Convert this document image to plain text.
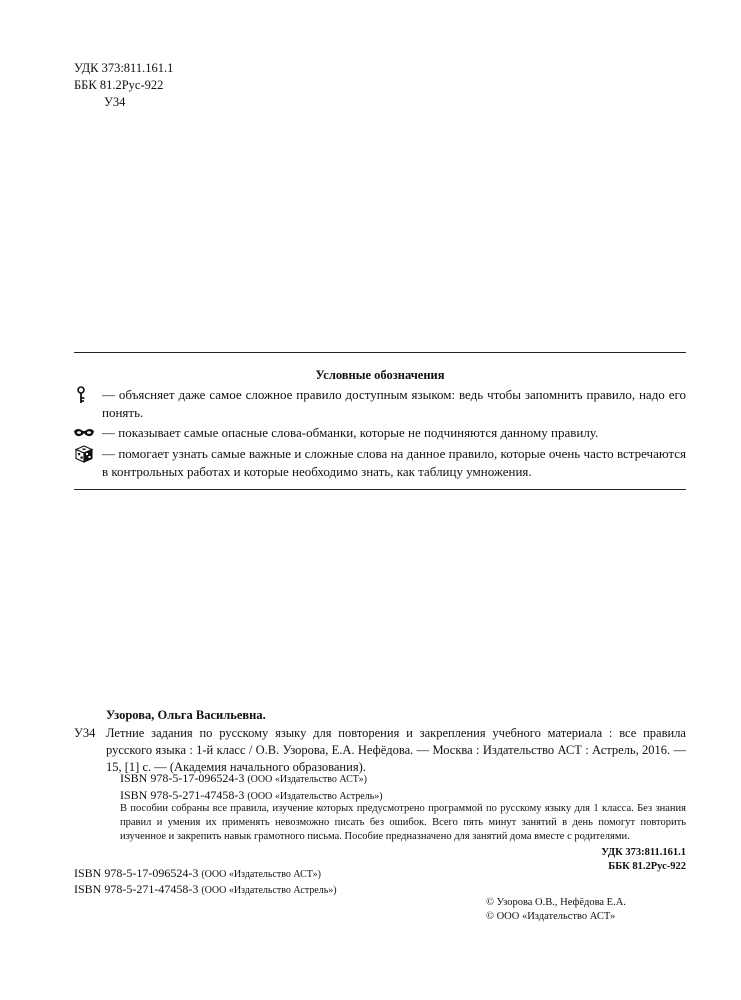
УДК 373:811.161.1
ББК 81.2Рус-922
У34
Условные обозначения
— объясняет даже самое сложное правило доступным языком: ведь чтобы запомнить правило, надо его понять.
— показывает самые опасные слова-обманки, которые не подчиняются данному правилу.
— помогает узнать самые важные и сложные слова на данное правило, которые очень часто встречаются в контрольных работах и которые необходимо знать, как таблицу умножения.
Узорова, Ольга Васильевна.
У34 Летние задания по русскому языку для повторения и закрепления учебного материала : все правила русского языка : 1-й класс / О.В. Узорова, Е.А. Нефёдова. — Москва : Издательство АСТ : Астрель, 2016. — 15, [1] с. — (Академия начального образования).
ISBN 978-5-17-096524-3 (ООО «Издательство АСТ»)
ISBN 978-5-271-47458-3 (ООО «Издательство Астрель»)
В пособии собраны все правила, изучение которых предусмотрено программой по русскому языку для 1 класса. Без знания правил и умения их применять невозможно писать без ошибок. Всего пять минут занятий в день помогут повторить изученное и закрепить навык грамотного письма. Пособие предназначено для занятий дома вместе с родителями.
УДК 373:811.161.1
ББК 81.2Рус-922
ISBN 978-5-17-096524-3 (ООО «Издательство АСТ»)
ISBN 978-5-271-47458-3 (ООО «Издательство Астрель»)
© Узорова О.В., Нефёдова Е.А.
© ООО «Издательство АСТ»
